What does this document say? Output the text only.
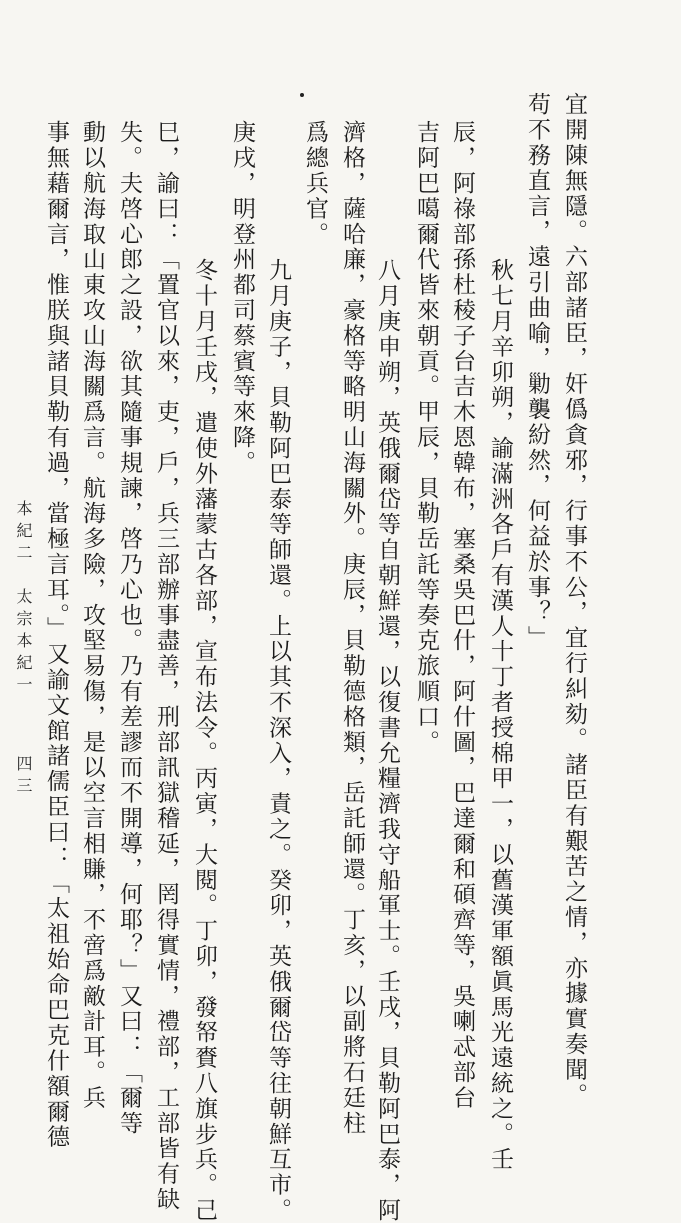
宜開陳無隱。六部諸臣，奸僞貪邪，行事不公，宜行糾劾。諸臣有艱苦之情，亦據實奏聞。
苟不務直言，遠引曲喻，勦襲紛然，何益於事？」
秋七月辛卯朔，諭滿洲各戶有漢人十丁者授棉甲一，以舊漢軍額眞馬光遠統之。壬
辰，阿祿部孫杜稜子台吉木恩韓布，塞桑吳巴什，阿什圖，巴達爾和碩齊等，吳喇忒部台
吉阿巴噶爾代皆來朝貢。甲辰，貝勒岳託等奏克旅順口。
八月庚申朔，英俄爾岱等自朝鮮還，以復書允糧濟我守船軍士。壬戌，貝勒阿巴泰，阿
濟格，薩哈廉，豪格等略明山海關外。庚辰，貝勒德格類，岳託師還。丁亥，以副將石廷柱
爲總兵官。
九月庚子，貝勒阿巴泰等師還。上以其不深入，責之。癸卯，英俄爾岱等往朝鮮互市。
庚戌，明登州都司蔡賓等來降。
冬十月壬戌，遣使外藩蒙古各部，宣布法令。丙寅，大閱。丁卯，發帑賚八旗步兵。己
巳，諭曰：「置官以來，吏，戶，兵三部辦事盡善，刑部訊獄稽延，罔得實情，禮部，工部皆有缺
失。夫啓心郎之設，欲其隨事規諫，啓乃心也。乃有差謬而不開導，何耶？」又曰：「爾等
動以航海取山東攻山海關爲言。航海多險，攻堅易傷，是以空言相賺，不啻爲敵計耳。兵
事無藉爾言，惟朕與諸貝勒有過，當極言耳。」又諭文館諸儒臣曰：「太祖始命巴克什額爾德
本紀二　太宗本紀一
四三
